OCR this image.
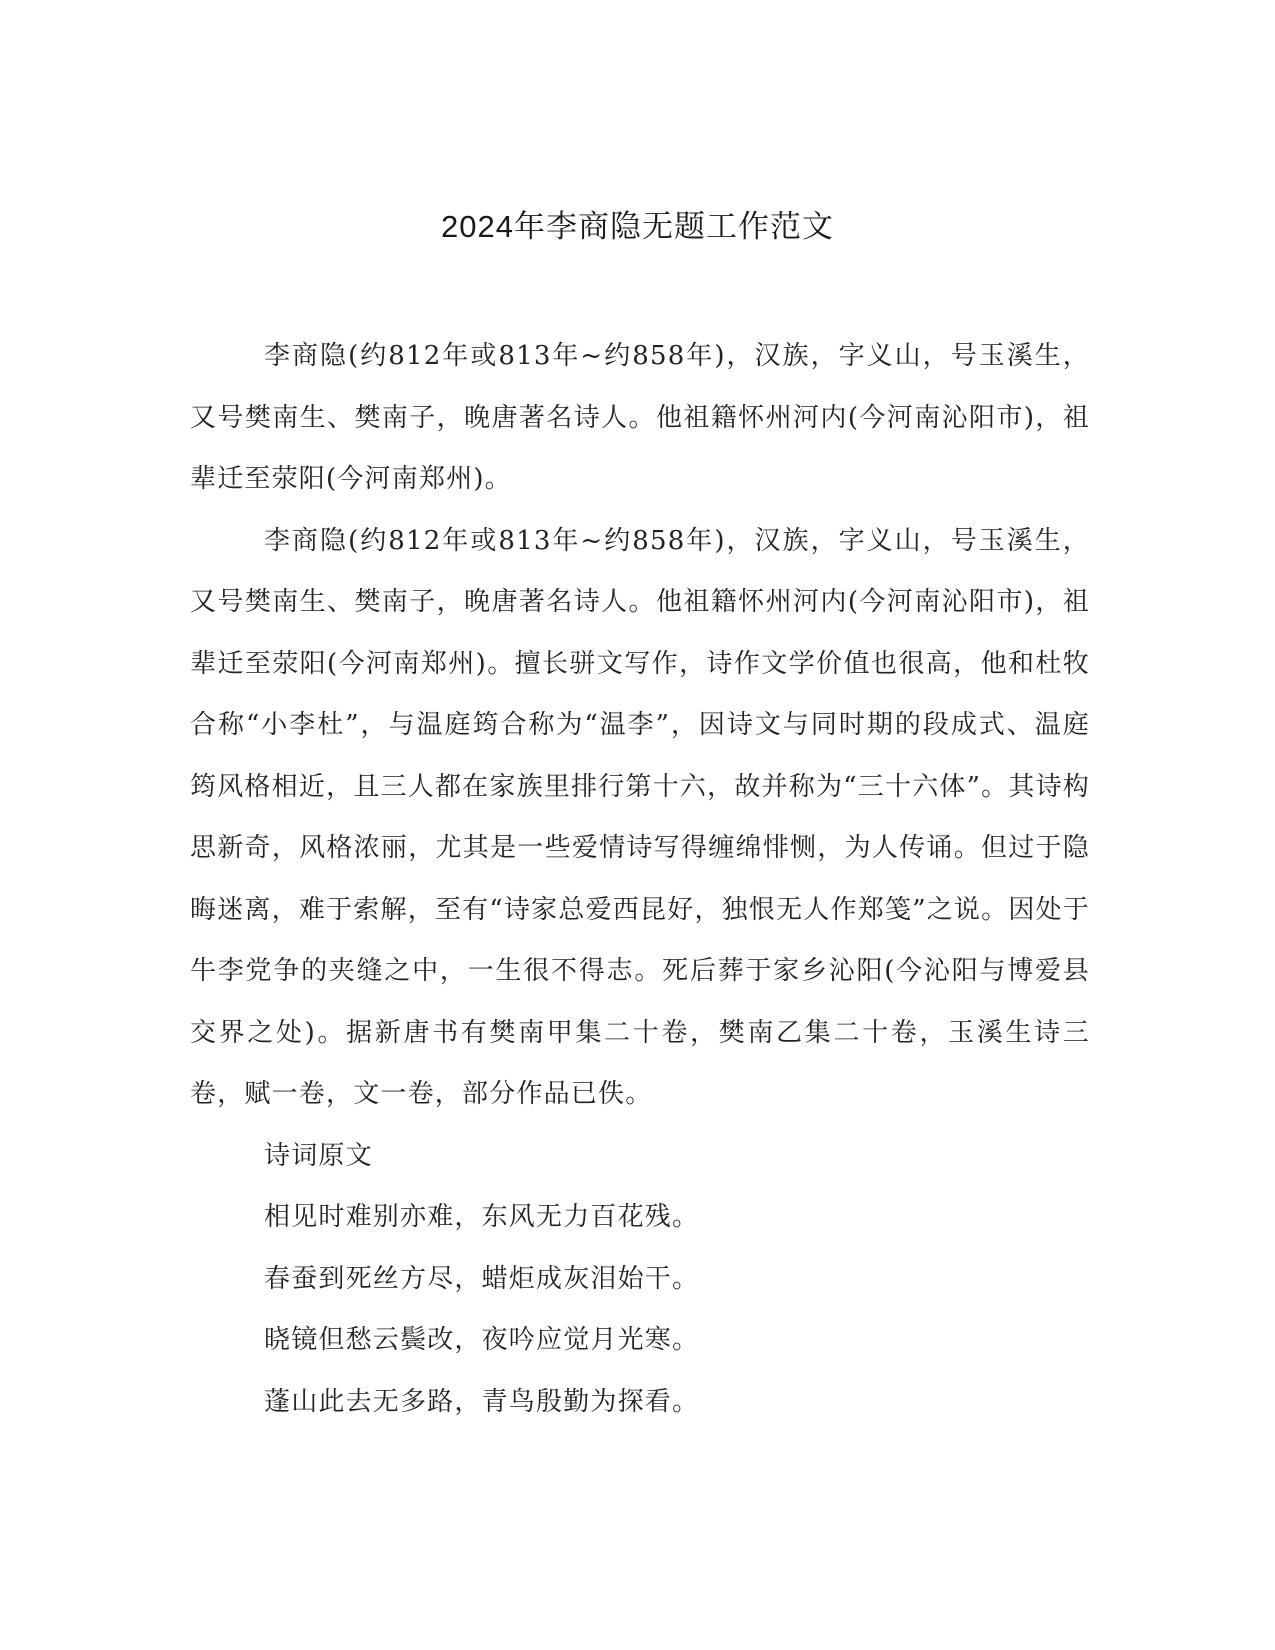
2024年李商隐无题工作范文

李商隐(约812年或813年~约858年)，汉族，字义山，号玉溪生，又号樊南生、樊南子，晚唐著名诗人。他祖籍怀州河内(今河南沁阳市)，祖辈迁至荥阳(今河南郑州)。

李商隐(约812年或813年~约858年)，汉族，字义山，号玉溪生，又号樊南生、樊南子，晚唐著名诗人。他祖籍怀州河内(今河南沁阳市)，祖辈迁至荥阳(今河南郑州)。擅长骈文写作，诗作文学价值也很高，他和杜牧合称“小李杜”，与温庭筠合称为“温李”，因诗文与同时期的段成式、温庭筠风格相近，且三人都在家族里排行第十六，故并称为“三十六体”。其诗构思新奇，风格浓丽，尤其是一些爱情诗写得缠绵悱恻，为人传诵。但过于隐晦迷离，难于索解，至有“诗家总爱西昆好，独恨无人作郑笺”之说。因处于牛李党争的夹缝之中，一生很不得志。死后葬于家乡沁阳(今沁阳与博爱县交界之处)。据新唐书有樊南甲集二十卷，樊南乙集二十卷，玉溪生诗三卷，赋一卷，文一卷，部分作品已佚。

诗词原文

相见时难别亦难，东风无力百花残。

春蚕到死丝方尽，蜡炬成灰泪始干。

晓镜但愁云鬓改，夜吟应觉月光寒。

蓬山此去无多路，青鸟殷勤为探看。
